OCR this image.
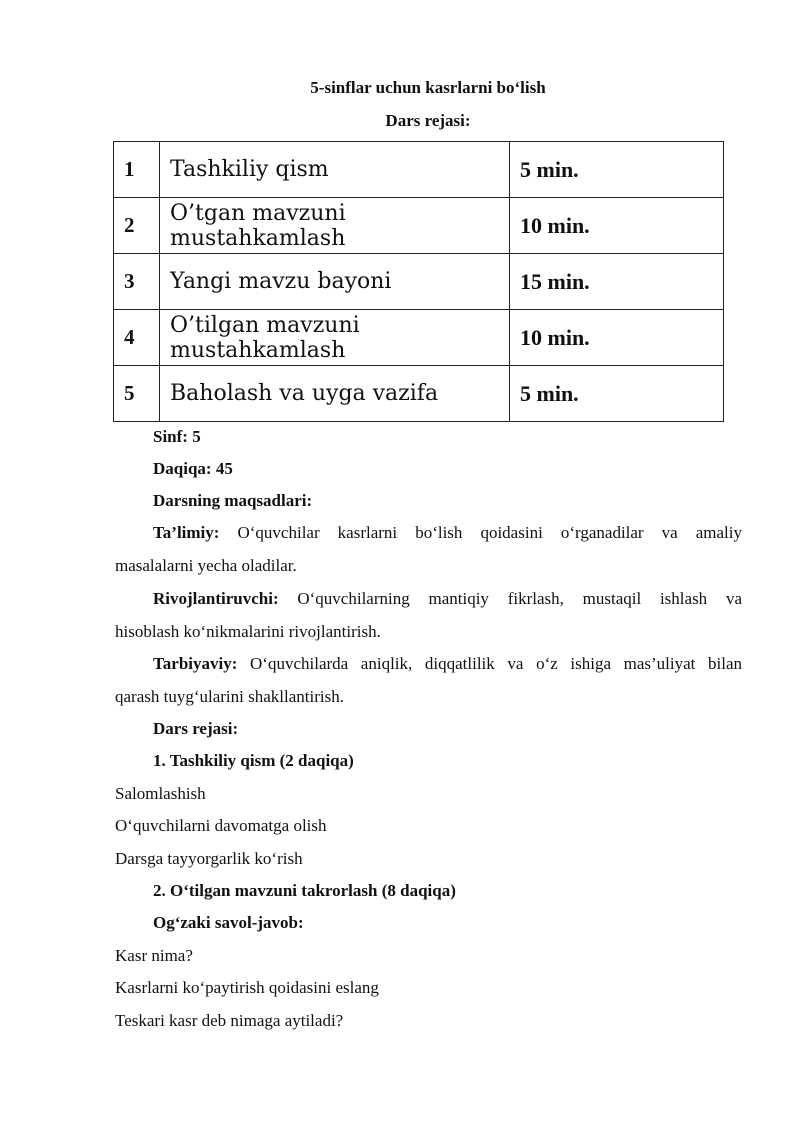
5-sinflar uchun kasrlarni bo‘lish
Dars rejasi:
1	Tashkiliy qism	5 min.
2	O’tgan mavzuni mustahkamlash	10 min.
3	Yangi mavzu bayoni	15 min.
4	O’tilgan mavzuni mustahkamlash	10 min.
5	Baholash va uyga vazifa	5 min.
Sinf: 5
Daqiqa: 45
Darsning maqsadlari:
Ta’limiy: O‘quvchilar kasrlarni bo‘lish qoidasini o‘rganadilar va amaliy
masalalarni yecha oladilar.
Rivojlantiruvchi: O‘quvchilarning mantiqiy fikrlash, mustaqil ishlash va
hisoblash ko‘nikmalarini rivojlantirish.
Tarbiyaviy: O‘quvchilarda aniqlik, diqqatlilik va o‘z ishiga mas’uliyat bilan
qarash tuyg‘ularini shakllantirish.
Dars rejasi:
1. Tashkiliy qism (2 daqiqa)
Salomlashish
O‘quvchilarni davomatga olish
Darsga tayyorgarlik ko‘rish
2. O‘tilgan mavzuni takrorlash (8 daqiqa)
Og‘zaki savol-javob:
Kasr nima?
Kasrlarni ko‘paytirish qoidasini eslang
Teskari kasr deb nimaga aytiladi?
